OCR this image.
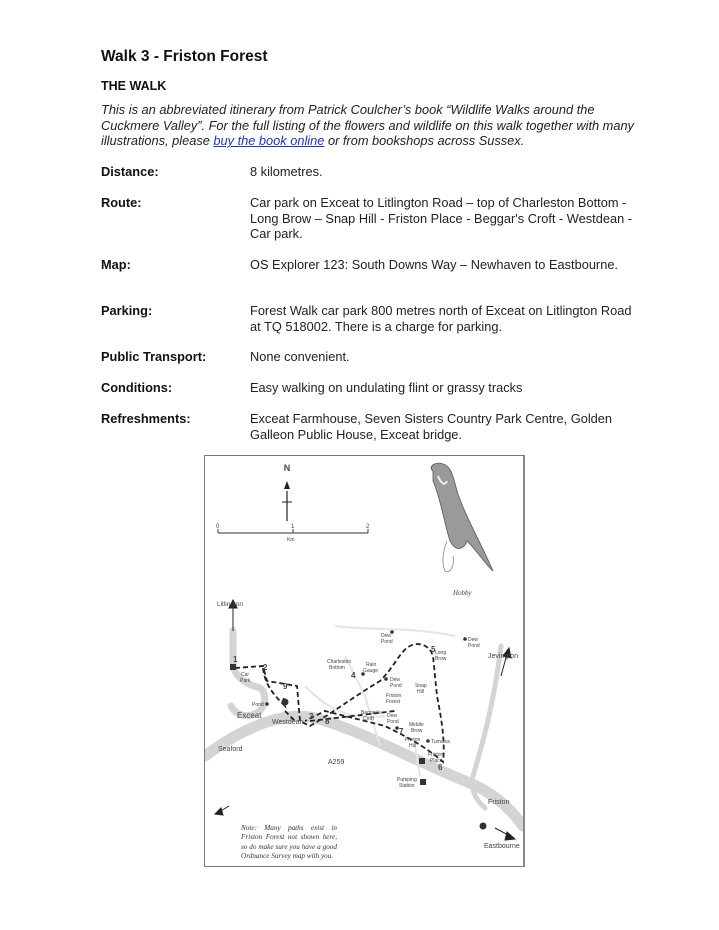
Walk 3 - Friston Forest
THE WALK
This is an abbreviated itinerary from Patrick Coulcher’s book “Wildlife Walks around the Cuckmere Valley”. For the full listing of the flowers and wildlife on this walk together with many illustrations, please buy the book online or from bookshops across Sussex.
Distance:	8 kilometres.
Route:	Car park on Exceat to Litlington Road – top of Charleston Bottom - Long Brow – Snap Hill - Friston Place - Beggar's Croft - Westdean - Car park.
Map:	OS Explorer 123: South Downs Way – Newhaven to Eastbourne.
Parking:	Forest Walk car park 800 metres north of Exceat on Litlington Road at TQ 518002. There is a charge for parking.
Public Transport:	None convenient.
Conditions:	Easy walking on undulating flint or grassy tracks
Refreshments:	Exceat Farmhouse, Seven Sisters Country Park Centre, Golden Galleon Public House, Exceat bridge.
N
0	1	2
Km
Hobby
Litlington
Jevington
Exceat
Westdean
Seaford
Friston
Eastbourne
A259
Car
Park
Pond
Charleston
Bottom	Rain
Gauge
Dew
Pond	Dew
Pond
Dew
Pond
Long
Brow
Snap
Hill
Friston
Forest
Beggar's
Croft	Dew
Pond Middle
Brow
Friston
Hill
Tumulus
Friston
Place
Pumping
Station
1
2
3
4
5
6
7
8
9
Note: Many paths exist in Friston Forest not shown here, so do make sure you have a good Ordnance Survey map with you.
